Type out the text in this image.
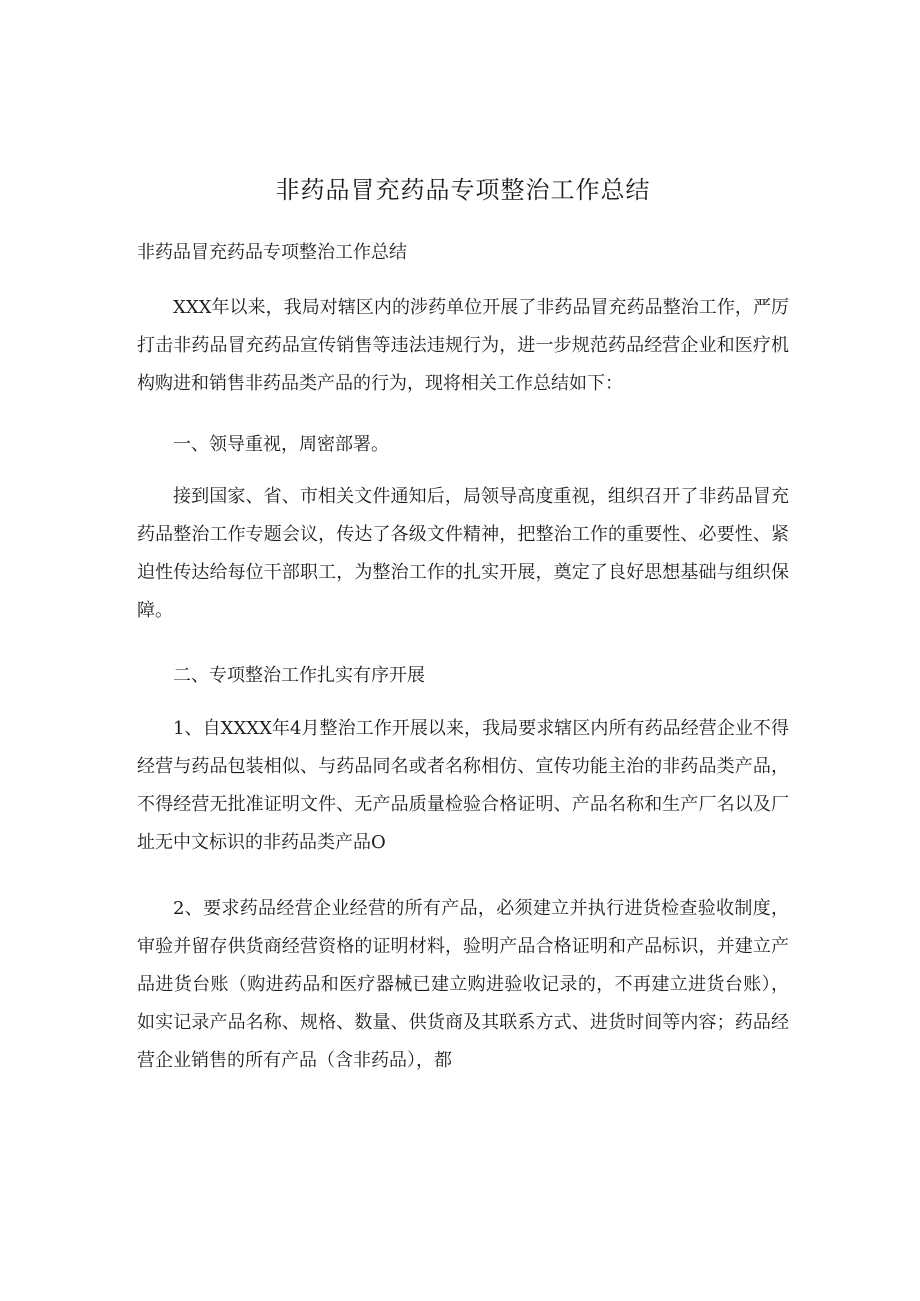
非药品冒充药品专项整治工作总结

非药品冒充药品专项整治工作总结

XXX年以来，我局对辖区内的涉药单位开展了非药品冒充药品整治工作，严厉打击非药品冒充药品宣传销售等违法违规行为，进一步规范药品经营企业和医疗机构购进和销售非药品类产品的行为，现将相关工作总结如下：

一、领导重视，周密部署。

接到国家、省、市相关文件通知后，局领导高度重视，组织召开了非药品冒充药品整治工作专题会议，传达了各级文件精神，把整治工作的重要性、必要性、紧迫性传达给每位干部职工，为整治工作的扎实开展，奠定了良好思想基础与组织保障。

二、专项整治工作扎实有序开展

1、自XXXX年4月整治工作开展以来，我局要求辖区内所有药品经营企业不得经营与药品包装相似、与药品同名或者名称相仿、宣传功能主治的非药品类产品，不得经营无批准证明文件、无产品质量检验合格证明、产品名称和生产厂名以及厂址无中文标识的非药品类产品O

2、要求药品经营企业经营的所有产品，必须建立并执行进货检查验收制度，审验并留存供货商经营资格的证明材料，验明产品合格证明和产品标识，并建立产品进货台账（购进药品和医疗器械已建立购进验收记录的，不再建立进货台账），如实记录产品名称、规格、数量、供货商及其联系方式、进货时间等内容；药品经营企业销售的所有产品（含非药品），都
